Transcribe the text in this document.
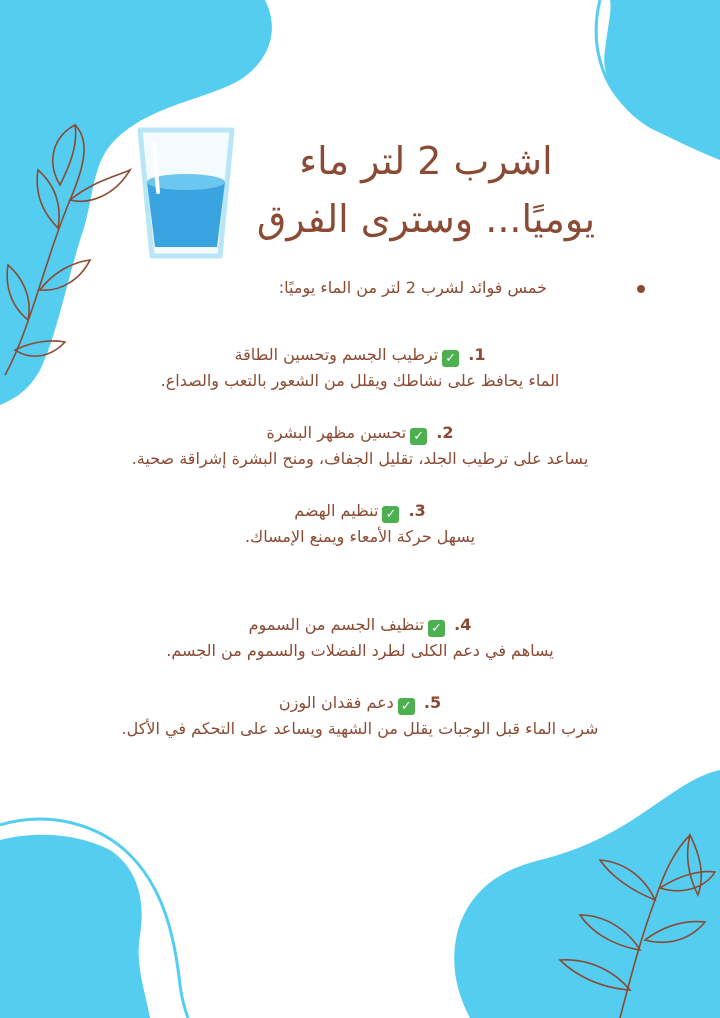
اشرب 2 لتر ماء
يوميًا... وسترى الفرق
خمس فوائد لشرب 2 لتر من الماء يوميًا:
1. ✓ترطيب الجسم وتحسين الطاقة
الماء يحافظ على نشاطك ويقلل من الشعور بالتعب والصداع.
2. ✓تحسين مظهر البشرة
يساعد على ترطيب الجلد، تقليل الجفاف، ومنح البشرة إشراقة صحية.
3. ✓تنظيم الهضم
يسهل حركة الأمعاء ويمنع الإمساك.
4. ✓تنظيف الجسم من السموم
يساهم في دعم الكلى لطرد الفضلات والسموم من الجسم.
5. ✓دعم فقدان الوزن
شرب الماء قبل الوجبات يقلل من الشهية ويساعد على التحكم في الأكل.
